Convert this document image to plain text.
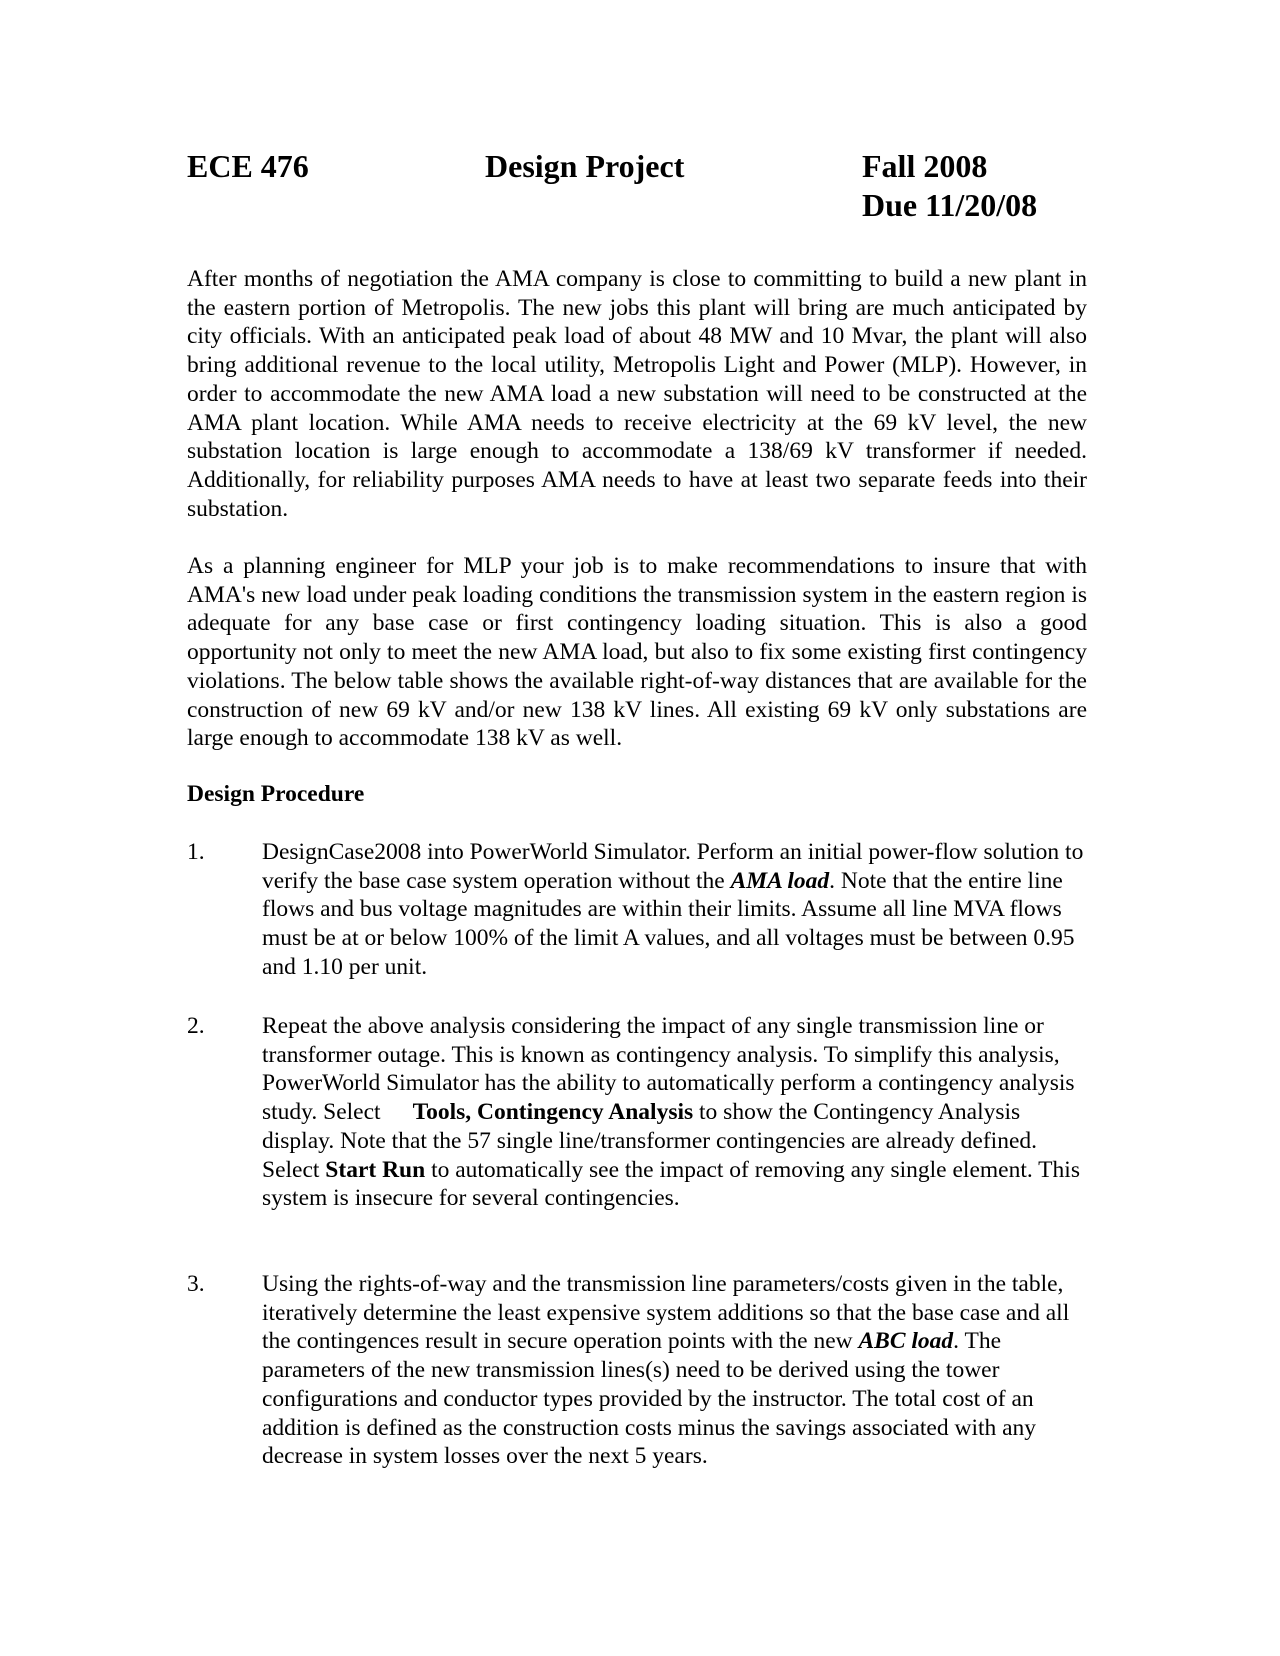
ECE 476	Design Project	Fall 2008
Due 11/20/08

After months of negotiation the AMA company is close to committing to build a new plant in the eastern portion of Metropolis. The new jobs this plant will bring are much anticipated by city officials. With an anticipated peak load of about 48 MW and 10 Mvar, the plant will also bring additional revenue to the local utility, Metropolis Light and Power (MLP). However, in order to accommodate the new AMA load a new substation will need to be constructed at the AMA plant location. While AMA needs to receive electricity at the 69 kV level, the new substation location is large enough to accommodate a 138/69 kV transformer if needed. Additionally, for reliability purposes AMA needs to have at least two separate feeds into their substation.

As a planning engineer for MLP your job is to make recommendations to insure that with AMA's new load under peak loading conditions the transmission system in the eastern region is adequate for any base case or first contingency loading situation. This is also a good opportunity not only to meet the new AMA load, but also to fix some existing first contingency violations. The below table shows the available right-of-way distances that are available for the construction of new 69 kV and/or new 138 kV lines. All existing 69 kV only substations are large enough to accommodate 138 kV as well.

Design Procedure
1. DesignCase2008 into PowerWorld Simulator. Perform an initial power-flow solution to verify the base case system operation without the AMA load. Note that the entire line flows and bus voltage magnitudes are within their limits. Assume all line MVA flows must be at or below 100% of the limit A values, and all voltages must be between 0.95 and 1.10 per unit.
2. Repeat the above analysis considering the impact of any single transmission line or transformer outage. This is known as contingency analysis. To simplify this analysis, PowerWorld Simulator has the ability to automatically perform a contingency analysis study. Select Tools, Contingency Analysis to show the Contingency Analysis display. Note that the 57 single line/transformer contingencies are already defined. Select Start Run to automatically see the impact of removing any single element. This system is insecure for several contingencies.
3. Using the rights-of-way and the transmission line parameters/costs given in the table, iteratively determine the least expensive system additions so that the base case and all the contingences result in secure operation points with the new ABC load. The parameters of the new transmission lines(s) need to be derived using the tower configurations and conductor types provided by the instructor. The total cost of an addition is defined as the construction costs minus the savings associated with any decrease in system losses over the next 5 years.
